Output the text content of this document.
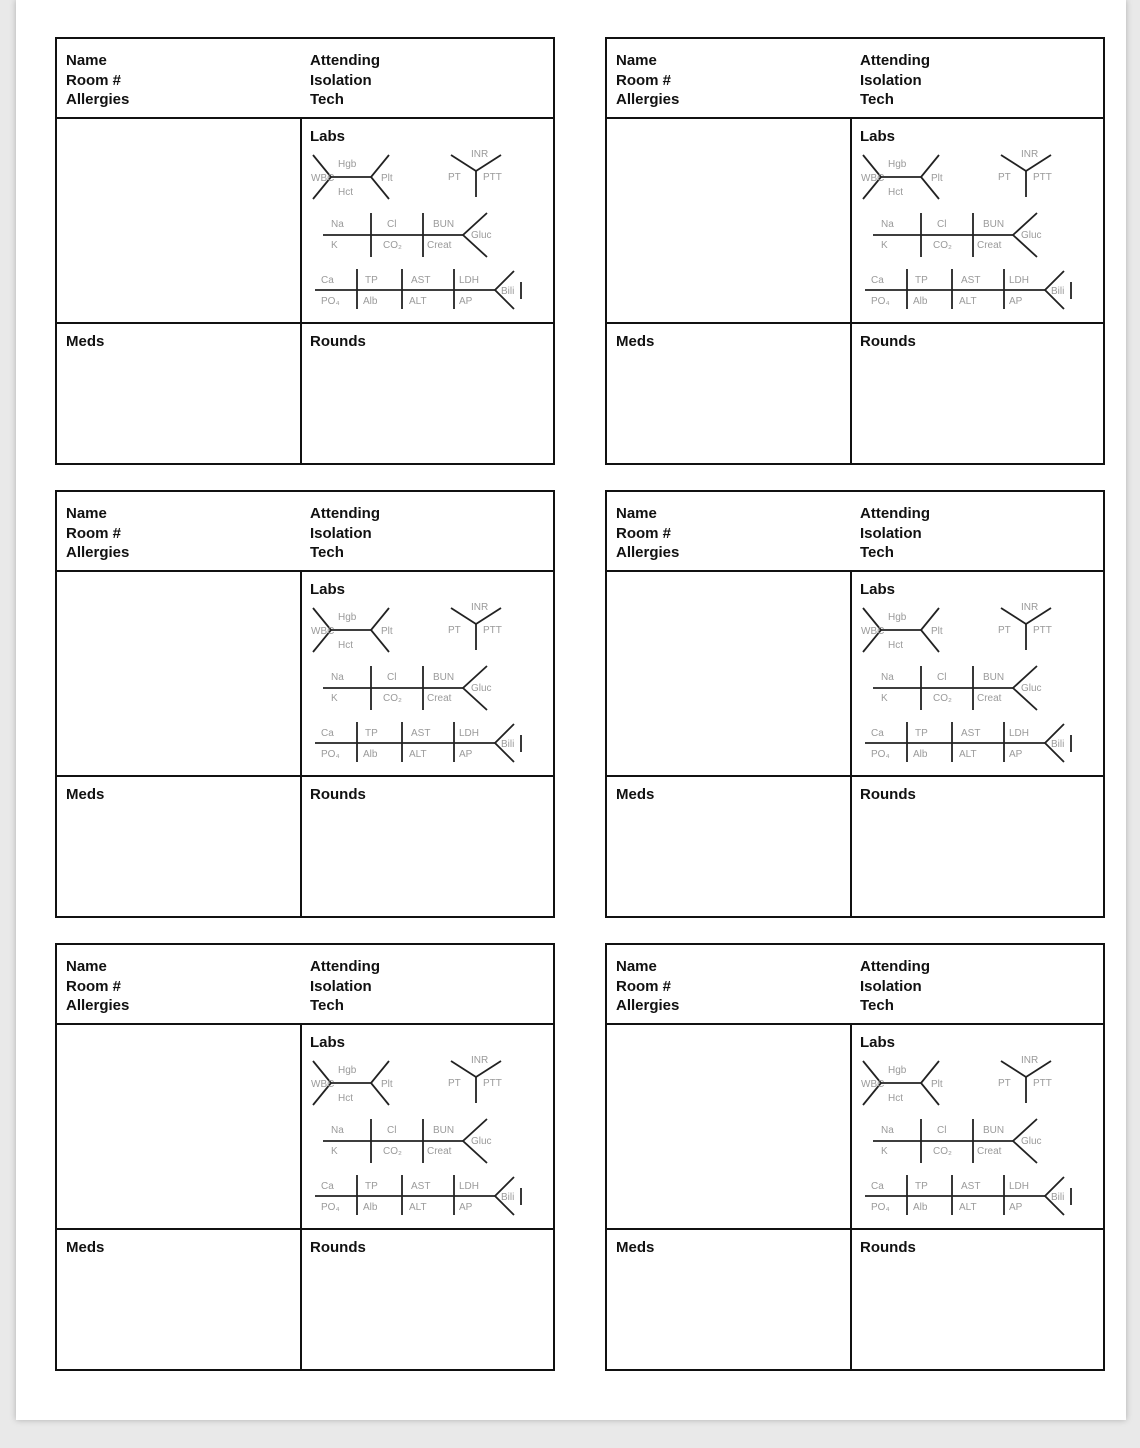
Name
Room #
Allergies
Attending
Isolation
Tech
Labs
Meds	Rounds
Hgb
WBC
Hct
Plt
INR
PT PTT
Na
K
Cl
CO₂
BUN
Creat
Gluc
Ca
PO₄
TP
Alb
AST
ALT
LDH
AP
Bili
Name
Room #
Allergies
Attending
Isolation
Tech
Labs
Meds	Rounds
Hgb
WBC
Hct
Plt
INR
PT PTT
Na
K
Cl
CO₂
BUN
Creat
Gluc
Ca
PO₄
TP
Alb
AST
ALT
LDH
AP
Bili
Name
Room #
Allergies
Attending
Isolation
Tech
Labs
Meds	Rounds
Hgb
WBC
Hct
Plt
INR
PT PTT
Na
K
Cl
CO₂
BUN
Creat
Gluc
Ca
PO₄
TP
Alb
AST
ALT
LDH
AP
Bili
Name
Room #
Allergies
Attending
Isolation
Tech
Labs
Meds	Rounds
Hgb
WBC
Hct
Plt
INR
PT PTT
Na
K
Cl
CO₂
BUN
Creat
Gluc
Ca
PO₄
TP
Alb
AST
ALT
LDH
AP
Bili
Name
Room #
Allergies
Attending
Isolation
Tech
Labs
Meds	Rounds
Hgb
WBC
Hct
Plt
INR
PT PTT
Na
K
Cl
CO₂
BUN
Creat
Gluc
Ca
PO₄
TP
Alb
AST
ALT
LDH
AP
Bili
Name
Room #
Allergies
Attending
Isolation
Tech
Labs
Meds	Rounds
Hgb
WBC
Hct
Plt
INR
PT PTT
Na
K
Cl
CO₂
BUN
Creat
Gluc
Ca
PO₄
TP
Alb
AST
ALT
LDH
AP
Bili
